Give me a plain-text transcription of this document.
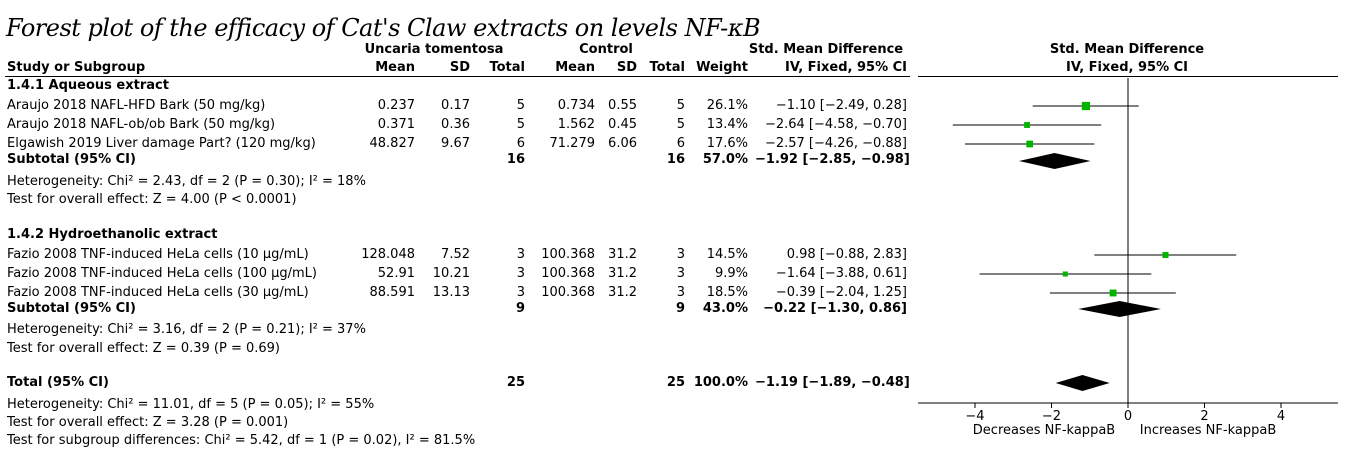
Forest plot of the efficacy of Cat's Claw extracts on levels NF-κB
Uncaria tomentosa	Control	Std. Mean Difference	Std. Mean Difference
Study or Subgroup	Mean	SD	Total	Mean	SD Total Weight	IV, Fixed, 95% CI	IV, Fixed, 95% CI
1.4.1 Aqueous extract
Araujo 2018 NAFL-HFD Bark (50 mg/kg)	0.237	0.17	5	0.734	0.55	5	26.1%	−1.10 [−2.49, 0.28]
Araujo 2018 NAFL-ob/ob Bark (50 mg/kg)	0.371	0.36	5	1.562	0.45	5	13.4%	−2.64 [−4.58, −0.70]
Elgawish 2019 Liver damage Part? (120 mg/kg)	48.827	9.67	6	71.279	6.06	6	17.6%	−2.57 [−4.26, −0.88]
Subtotal (95% CI)	16	16	57.0% −1.92 [−2.85, −0.98]
Heterogeneity: Chi² = 2.43, df = 2 (P = 0.30); I² = 18%
Test for overall effect: Z = 4.00 (P < 0.0001)
1.4.2 Hydroethanolic extract
Fazio 2008 TNF-induced HeLa cells (10 μg/mL)	128.048	7.52	3	100.368	31.2	3	14.5%	0.98 [−0.88, 2.83]
Fazio 2008 TNF-induced HeLa cells (100 μg/mL)	52.91 10.21	3	100.368	31.2	3	9.9%	−1.64 [−3.88, 0.61]
Fazio 2008 TNF-induced HeLa cells (30 μg/mL)	88.591 13.13	3	100.368	31.2	3	18.5%	−0.39 [−2.04, 1.25]
Subtotal (95% CI)	9	9	43.0%	−0.22 [−1.30, 0.86]
Heterogeneity: Chi² = 3.16, df = 2 (P = 0.21); I² = 37%
Test for overall effect: Z = 0.39 (P = 0.69)
Total (95% CI)	25	25 100.0% −1.19 [−1.89, −0.48]
Heterogeneity: Chi² = 11.01, df = 5 (P = 0.05); I² = 55%
Test for overall effect: Z = 3.28 (P = 0.001)
Test for subgroup differences: Chi² = 5.42, df = 1 (P = 0.02), I² = 81.5%
−4	−2	0	2	4
Decreases NF-kappaB	Increases NF-kappaB
